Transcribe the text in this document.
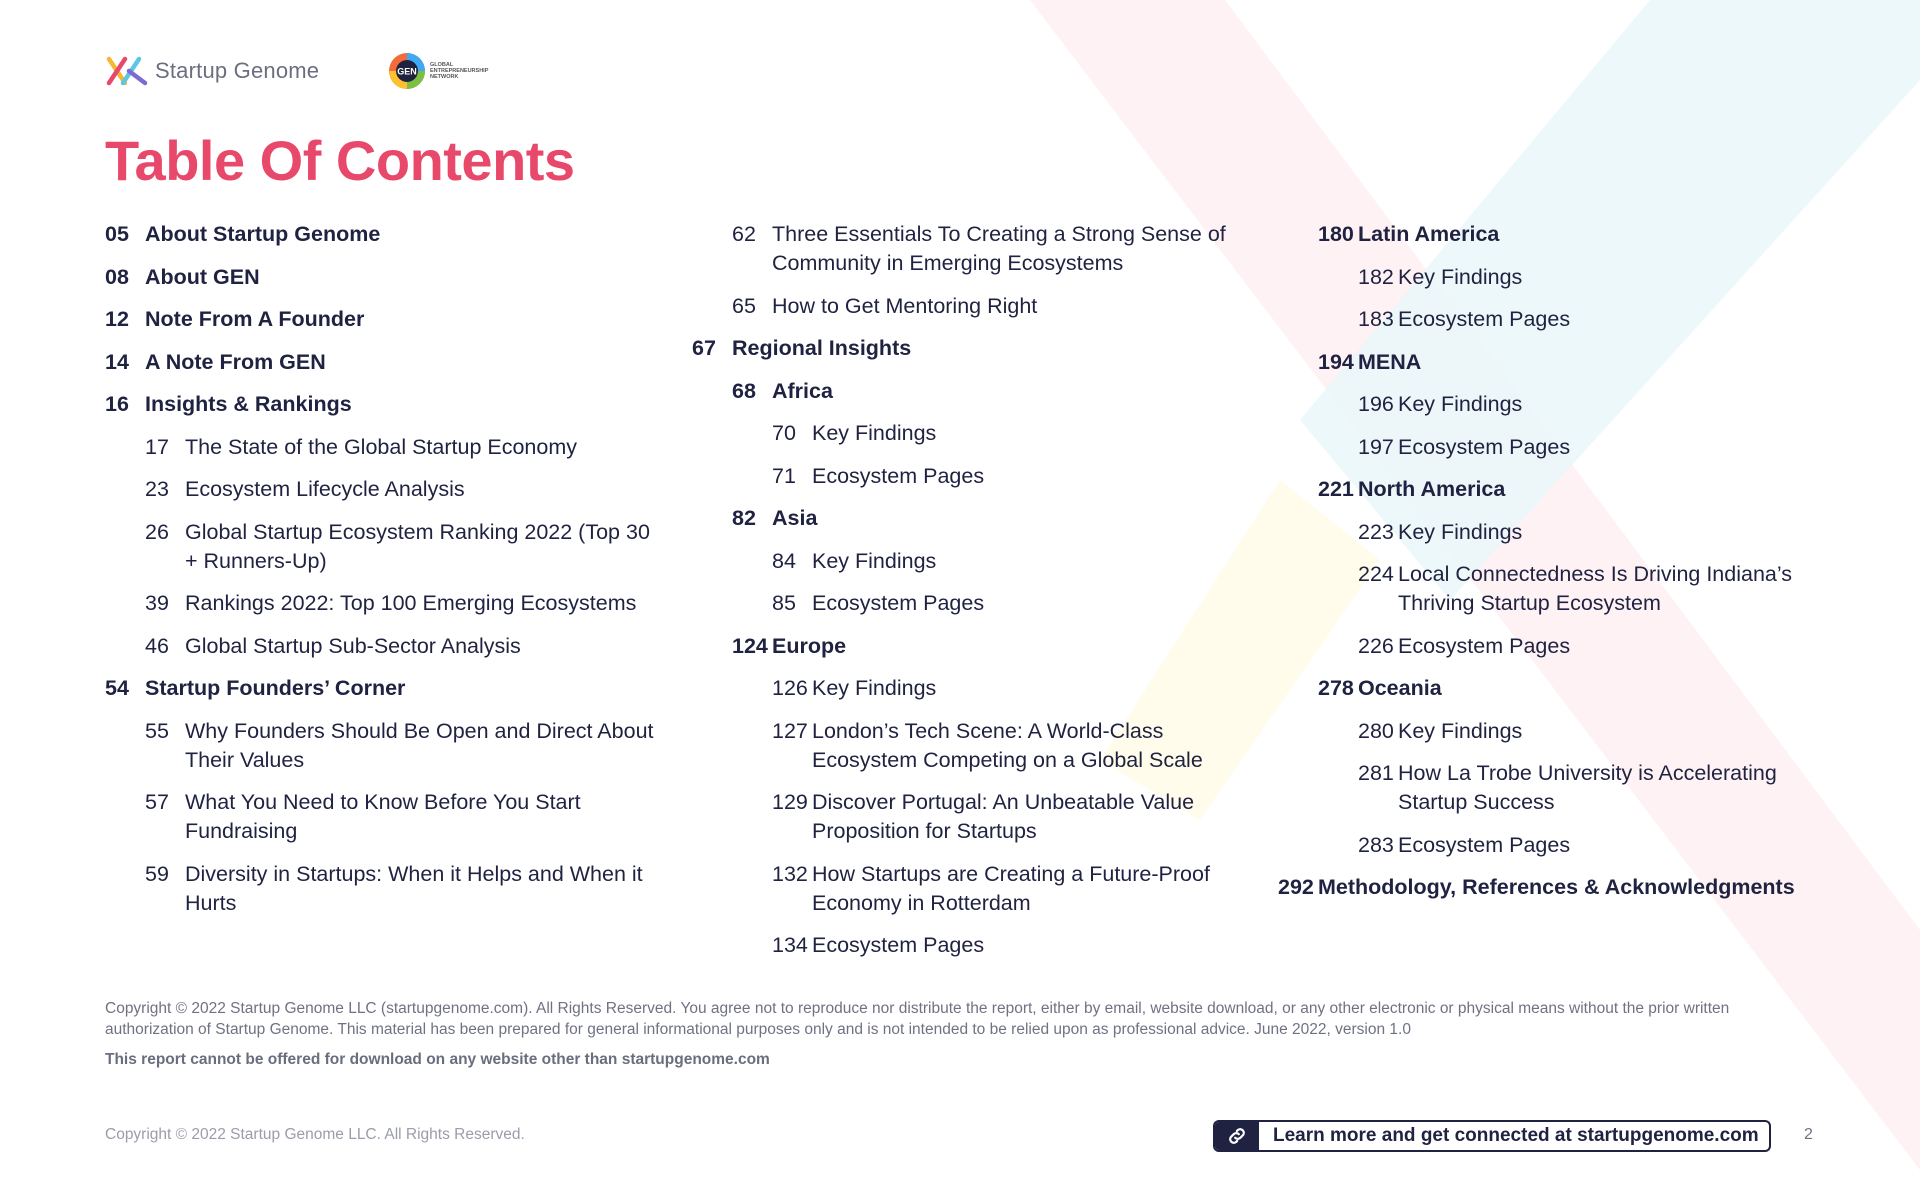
Startup Genome	GEN
GLOBAL
ENTREPRENEURSHIP
NETWORK
Table Of Contents
05 About Startup Genome
08 About GEN
12 Note From A Founder
14 A Note From GEN
16 Insights & Rankings
17 The State of the Global Startup Economy
23 Ecosystem Lifecycle Analysis
26 Global Startup Ecosystem Ranking 2022 (Top 30 + Runners-Up)
39 Rankings 2022: Top 100 Emerging Ecosystems
46 Global Startup Sub-Sector Analysis
54 Startup Founders’ Corner
55 Why Founders Should Be Open and Direct About Their Values
57 What You Need to Know Before You Start Fundraising
59 Diversity in Startups: When it Helps and When it Hurts
62 Three Essentials To Creating a Strong Sense of Community in Emerging Ecosystems
65 How to Get Mentoring Right
67 Regional Insights
68 Africa
70 Key Findings
71 Ecosystem Pages
82 Asia
84 Key Findings
85 Ecosystem Pages
124 Europe
126 Key Findings
127 London’s Tech Scene: A World-Class Ecosystem Competing on a Global Scale
129 Discover Portugal: An Unbeatable Value Proposition for Startups
132 How Startups are Creating a Future-Proof Economy in Rotterdam
134 Ecosystem Pages
180 Latin America
182 Key Findings
183 Ecosystem Pages
194 MENA
196 Key Findings
197 Ecosystem Pages
221 North America
223 Key Findings
224 Local Connectedness Is Driving Indiana’s Thriving Startup Ecosystem
226 Ecosystem Pages
278 Oceania
280 Key Findings
281 How La Trobe University is Accelerating Startup Success
283 Ecosystem Pages
292 Methodology, References & Acknowledgments

Copyright © 2022 Startup Genome LLC (startupgenome.com). All Rights Reserved. You agree not to reproduce nor distribute the report, either by email, website download, or any other electronic or physical means without the prior written authorization of Startup Genome. This material has been prepared for general informational purposes only and is not intended to be relied upon as professional advice. June 2022, version 1.0

This report cannot be offered for download on any website other than startupgenome.com

Copyright © 2022 Startup Genome LLC. All Rights Reserved.	Learn more and get connected at startupgenome.com	2
